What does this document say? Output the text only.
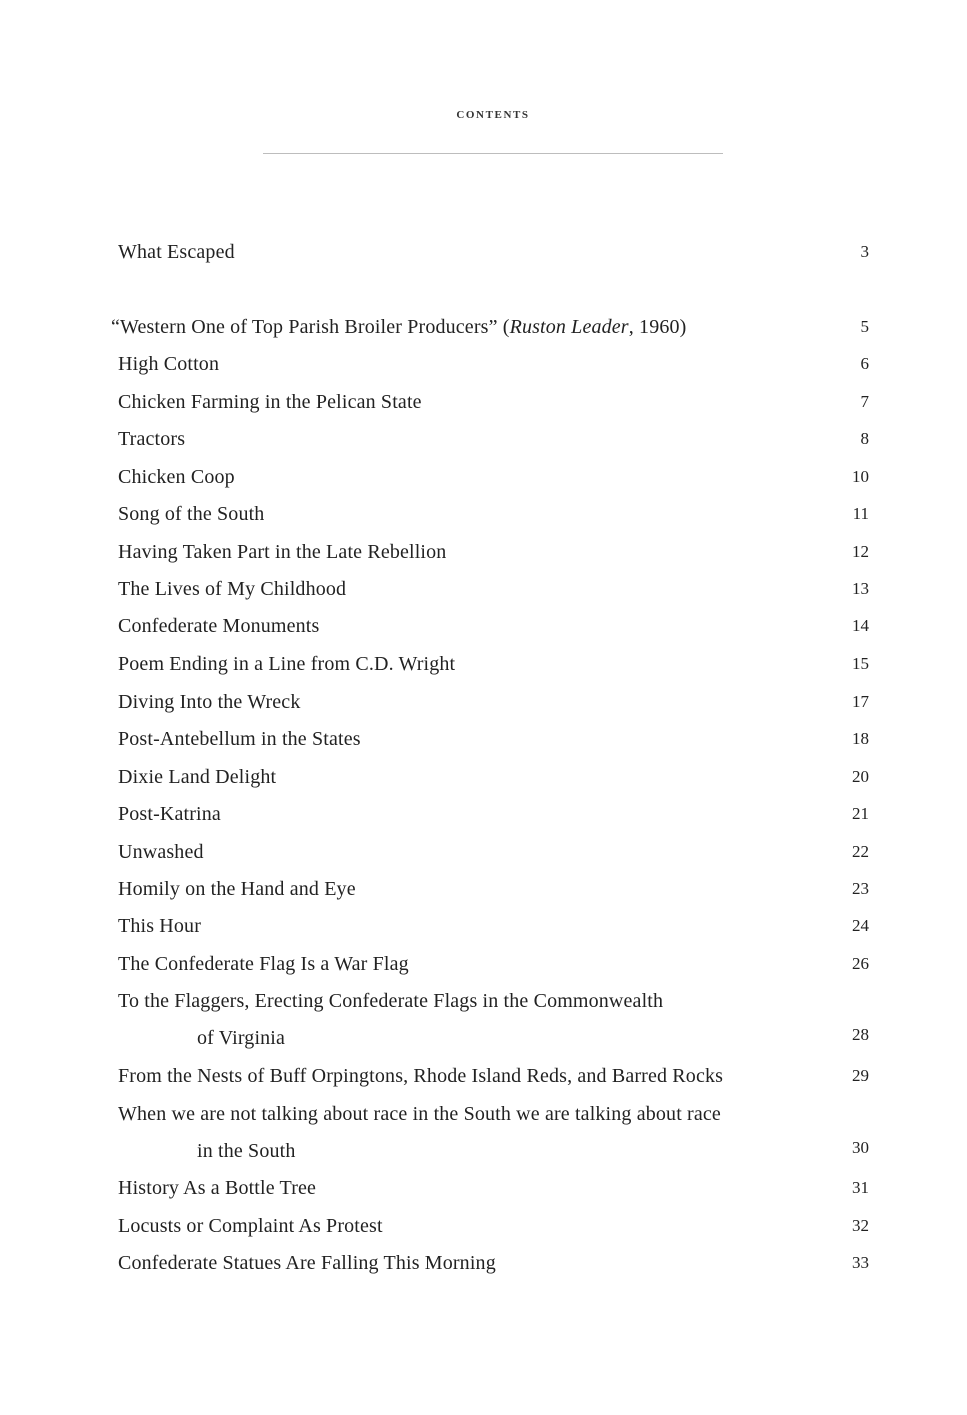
contents
What Escaped	3
“Western One of Top Parish Broiler Producers” (Ruston Leader, 1960)	5
High Cotton	6
Chicken Farming in the Pelican State	7
Tractors	8
Chicken Coop	10
Song of the South	11
Having Taken Part in the Late Rebellion	12
The Lives of My Childhood	13
Confederate Monuments	14
Poem Ending in a Line from C.D. Wright	15
Diving Into the Wreck	17
Post-Antebellum in the States	18
Dixie Land Delight	20
Post-Katrina	21
Unwashed	22
Homily on the Hand and Eye	23
This Hour	24
The Confederate Flag Is a War Flag	26
To the Flaggers, Erecting Confederate Flags in the Commonwealth
of Virginia	28
From the Nests of Buff Orpingtons, Rhode Island Reds, and Barred Rocks	29
When we are not talking about race in the South we are talking about race
in the South	30
History As a Bottle Tree	31
Locusts or Complaint As Protest	32
Confederate Statues Are Falling This Morning	33
